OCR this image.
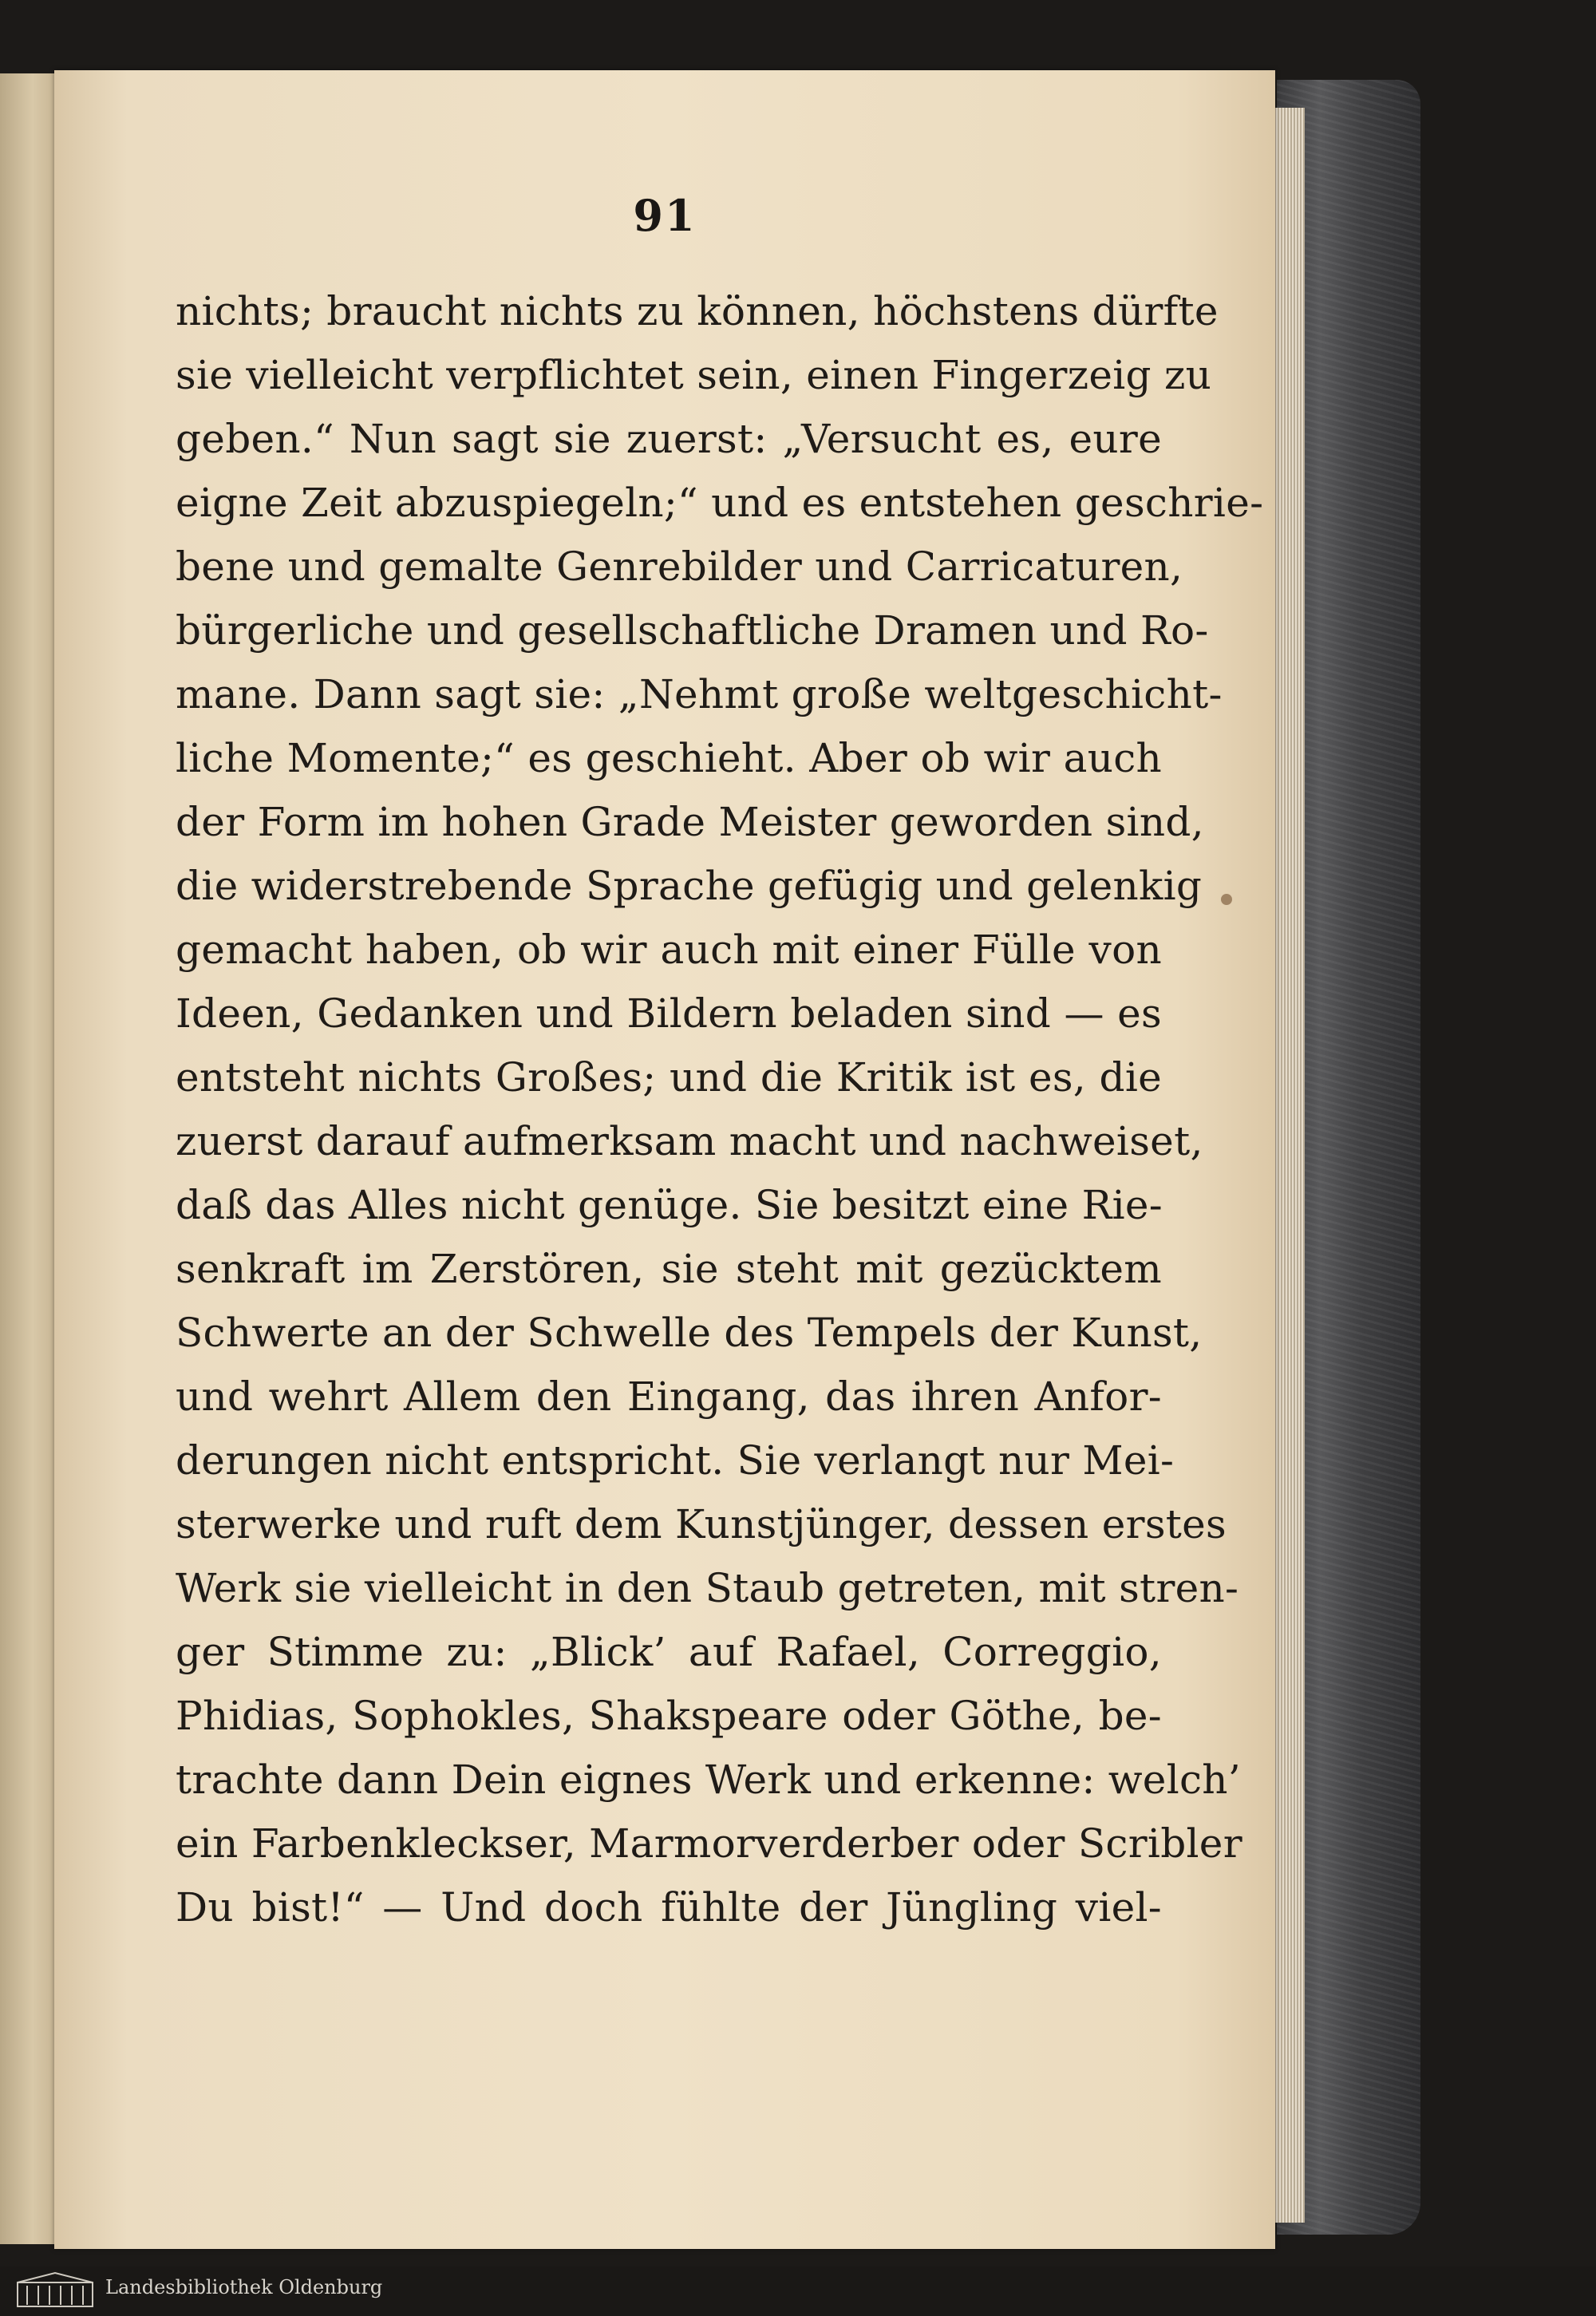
91
nichts; braucht nichts zu können, höchstens dürfte
sie vielleicht verpflichtet sein, einen Fingerzeig zu
geben.“ Nun sagt sie zuerst: „Versucht es, eure
eigne Zeit abzuspiegeln;“ und es entstehen geschrie-
bene und gemalte Genrebilder und Carricaturen,
bürgerliche und gesellschaftliche Dramen und Ro-
mane. Dann sagt sie: „Nehmt große weltgeschicht-
liche Momente;“ es geschieht. Aber ob wir auch
der Form im hohen Grade Meister geworden sind,
die widerstrebende Sprache gefügig und gelenkig
gemacht haben, ob wir auch mit einer Fülle von
Ideen, Gedanken und Bildern beladen sind — es
entsteht nichts Großes; und die Kritik ist es, die
zuerst darauf aufmerksam macht und nachweiset,
daß das Alles nicht genüge. Sie besitzt eine Rie-
senkraft im Zerstören, sie steht mit gezücktem
Schwerte an der Schwelle des Tempels der Kunst,
und wehrt Allem den Eingang, das ihren Anfor-
derungen nicht entspricht. Sie verlangt nur Mei-
sterwerke und ruft dem Kunstjünger, dessen erstes
Werk sie vielleicht in den Staub getreten, mit stren-
ger Stimme zu: „Blick’ auf Rafael, Correggio,
Phidias, Sophokles, Shakspeare oder Göthe, be-
trachte dann Dein eignes Werk und erkenne: welch’
ein Farbenkleckser, Marmorverderber oder Scribler
Du bist!“ — Und doch fühlte der Jüngling viel-
Landesbibliothek Oldenburg
